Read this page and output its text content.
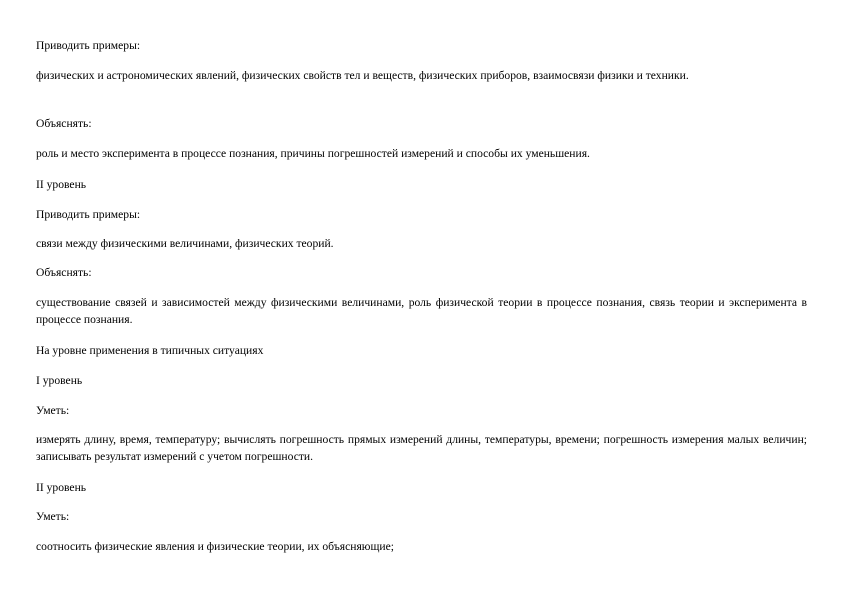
Приводить примеры:

физических и астрономических явлений, физических свойств тел и веществ, физических приборов, взаимосвязи физики и техники.

Объяснять:

роль и место эксперимента в процессе познания, причины погрешностей измерений и способы их уменьшения.

II уровень

Приводить примеры:

связи между физическими величинами, физических теорий.

Объяснять:

существование связей и зависимостей между физическими величинами, роль физической теории в процессе познания, связь теории и эксперимента в процессе познания.

На уровне применения в типичных ситуациях

I уровень

Уметь:

измерять длину, время, температуру; вычислять погрешность прямых измерений длины, температуры, времени; погрешность измерения малых величин; записывать результат измерений с учетом погрешности.

II уровень

Уметь:

соотносить физические явления и физические теории, их объясняющие;
